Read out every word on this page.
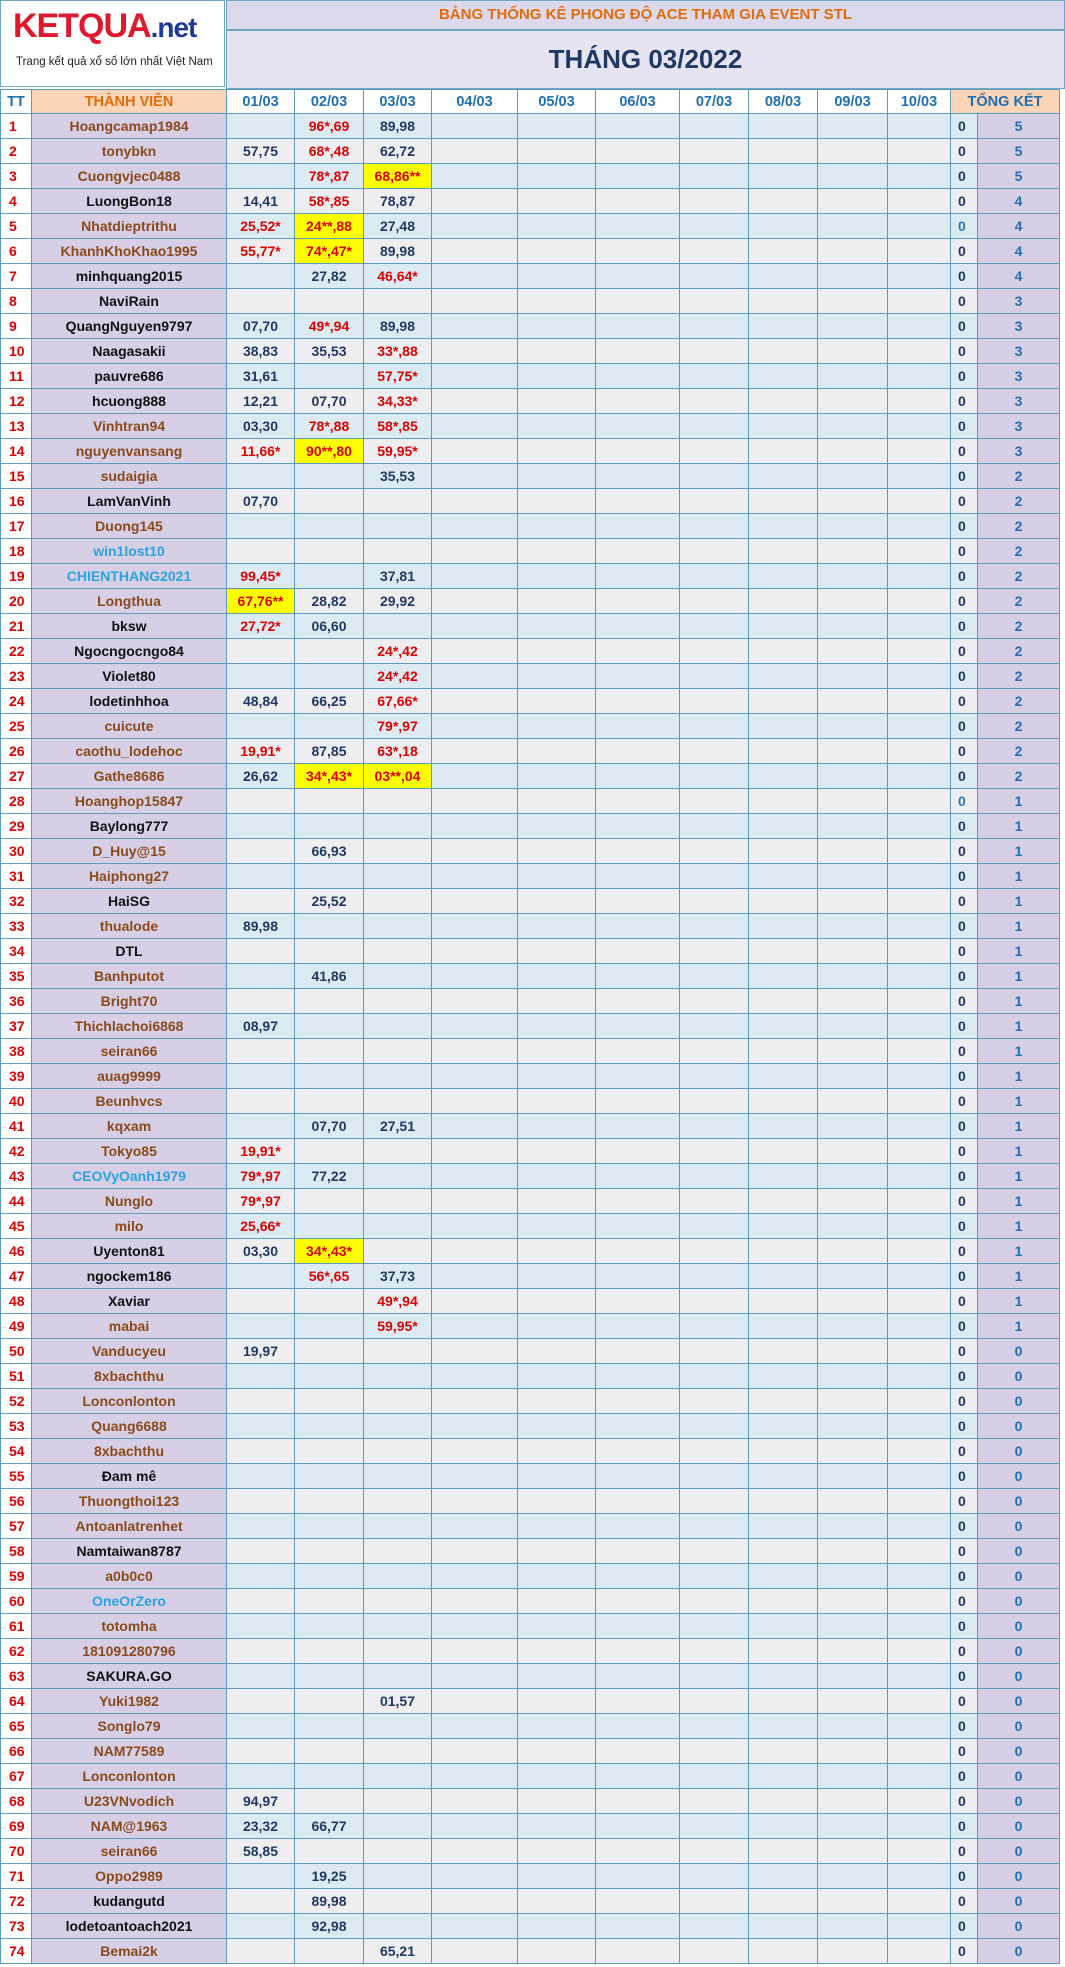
KETQUA.net
Trang kết quả xổ số lớn nhất Việt Nam
BẢNG THỐNG KÊ PHONG ĐỘ ACE THAM GIA EVENT STL
THÁNG 03/2022
TT	THÀNH VIÊN	01/03	02/03	03/03	04/03	05/03	06/03	07/03	08/03	09/03	10/03	TỔNG KẾT	
1	Hoangcamap1984		96*,69	89,98								0	5
2	tonybkn	57,75	68*,48	62,72								0	5
3	Cuongvjec0488		78*,87	68,86**								0	5
4	LuongBon18	14,41	58*,85	78,87								0	4
5	Nhatdieptrithu	25,52*	24**,88	27,48								0	4
6	KhanhKhoKhao1995	55,77*	74*,47*	89,98								0	4
7	minhquang2015		27,82	46,64*								0	4
8	NaviRain											0	3
9	QuangNguyen9797	07,70	49*,94	89,98								0	3
10	Naagasakii	38,83	35,53	33*,88								0	3
11	pauvre686	31,61		57,75*								0	3
12	hcuong888	12,21	07,70	34,33*								0	3
13	Vinhtran94	03,30	78*,88	58*,85								0	3
14	nguyenvansang	11,66*	90**,80	59,95*								0	3
15	sudaigia			35,53								0	2
16	LamVanVinh	07,70										0	2
17	Duong145											0	2
18	win1lost10											0	2
19	CHIENTHANG2021	99,45*		37,81								0	2
20	Longthua	67,76**	28,82	29,92								0	2
21	bksw	27,72*	06,60									0	2
22	Ngocngocngo84			24*,42								0	2
23	Violet80			24*,42								0	2
24	lodetinhhoa	48,84	66,25	67,66*								0	2
25	cuicute			79*,97								0	2
26	caothu_lodehoc	19,91*	87,85	63*,18								0	2
27	Gathe8686	26,62	34*,43*	03**,04								0	2
28	Hoanghop15847											0	1
29	Baylong777											0	1
30	D_Huy@15		66,93									0	1
31	Haiphong27											0	1
32	HaiSG		25,52									0	1
33	thualode	89,98										0	1
34	DTL											0	1
35	Banhputot		41,86									0	1
36	Bright70											0	1
37	Thichlachoi6868	08,97										0	1
38	seiran66											0	1
39	auag9999											0	1
40	Beunhvcs											0	1
41	kqxam		07,70	27,51								0	1
42	Tokyo85	19,91*										0	1
43	CEOVyOanh1979	79*,97	77,22									0	1
44	Nunglo	79*,97										0	1
45	milo	25,66*										0	1
46	Uyenton81	03,30	34*,43*									0	1
47	ngockem186		56*,65	37,73								0	1
48	Xaviar			49*,94								0	1
49	mabai			59,95*								0	1
50	Vanducyeu	19,97										0	0
51	8xbachthu											0	0
52	Lonconlonton											0	0
53	Quang6688											0	0
54	8xbachthu											0	0
55	Đam mê											0	0
56	Thuongthoi123											0	0
57	Antoanlatrenhet											0	0
58	Namtaiwan8787											0	0
59	a0b0c0											0	0
60	OneOrZero											0	0
61	totomha											0	0
62	181091280796											0	0
63	SAKURA.GO											0	0
64	Yuki1982			01,57								0	0
65	Songlo79											0	0
66	NAM77589											0	0
67	Lonconlonton											0	0
68	U23VNvodich	94,97										0	0
69	NAM@1963	23,32	66,77									0	0
70	seiran66	58,85										0	0
71	Oppo2989		19,25									0	0
72	kudangutd		89,98									0	0
73	lodetoantoach2021		92,98									0	0
74	Bemai2k			65,21								0	0
